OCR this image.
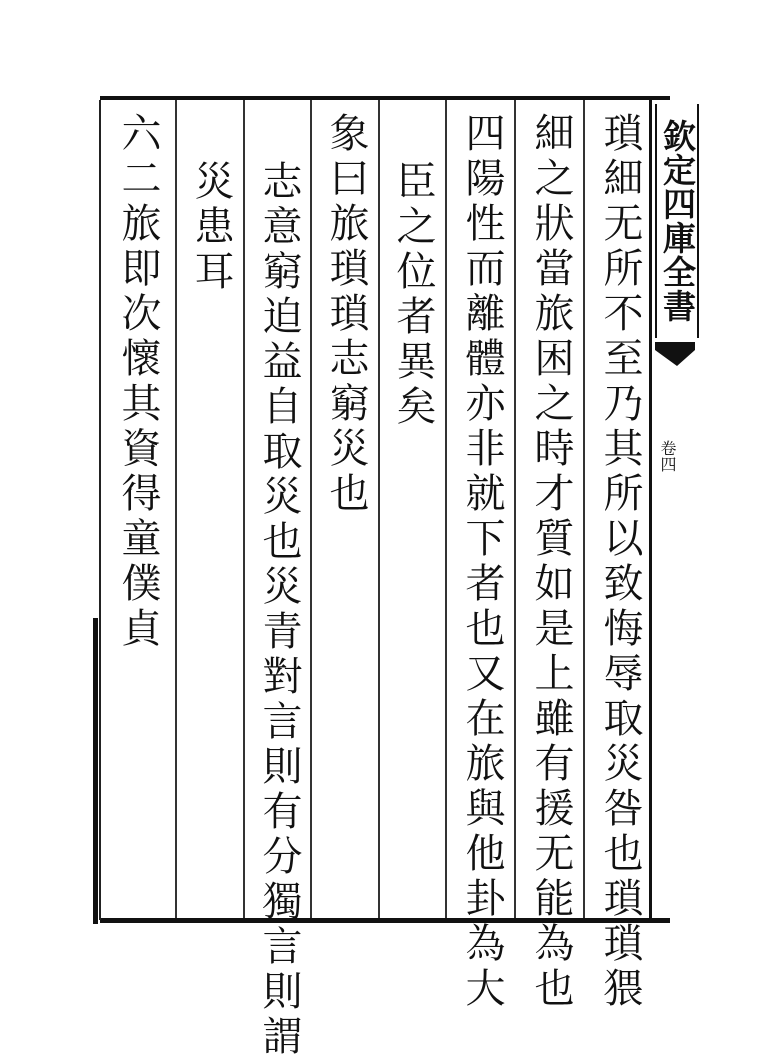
欽定四庫全書
卷四
瑣細无所不至乃其所以致悔辱取災咎也瑣瑣猥
細之狀當旅困之時才質如是上雖有援无能為也
四陽性而離體亦非就下者也又在旅與他卦為大
臣之位者異矣
象曰旅瑣瑣志窮災也
志意窮迫益自取災也災青對言則有分獨言則謂
災患耳
六二旅即次懷其資得童僕貞
